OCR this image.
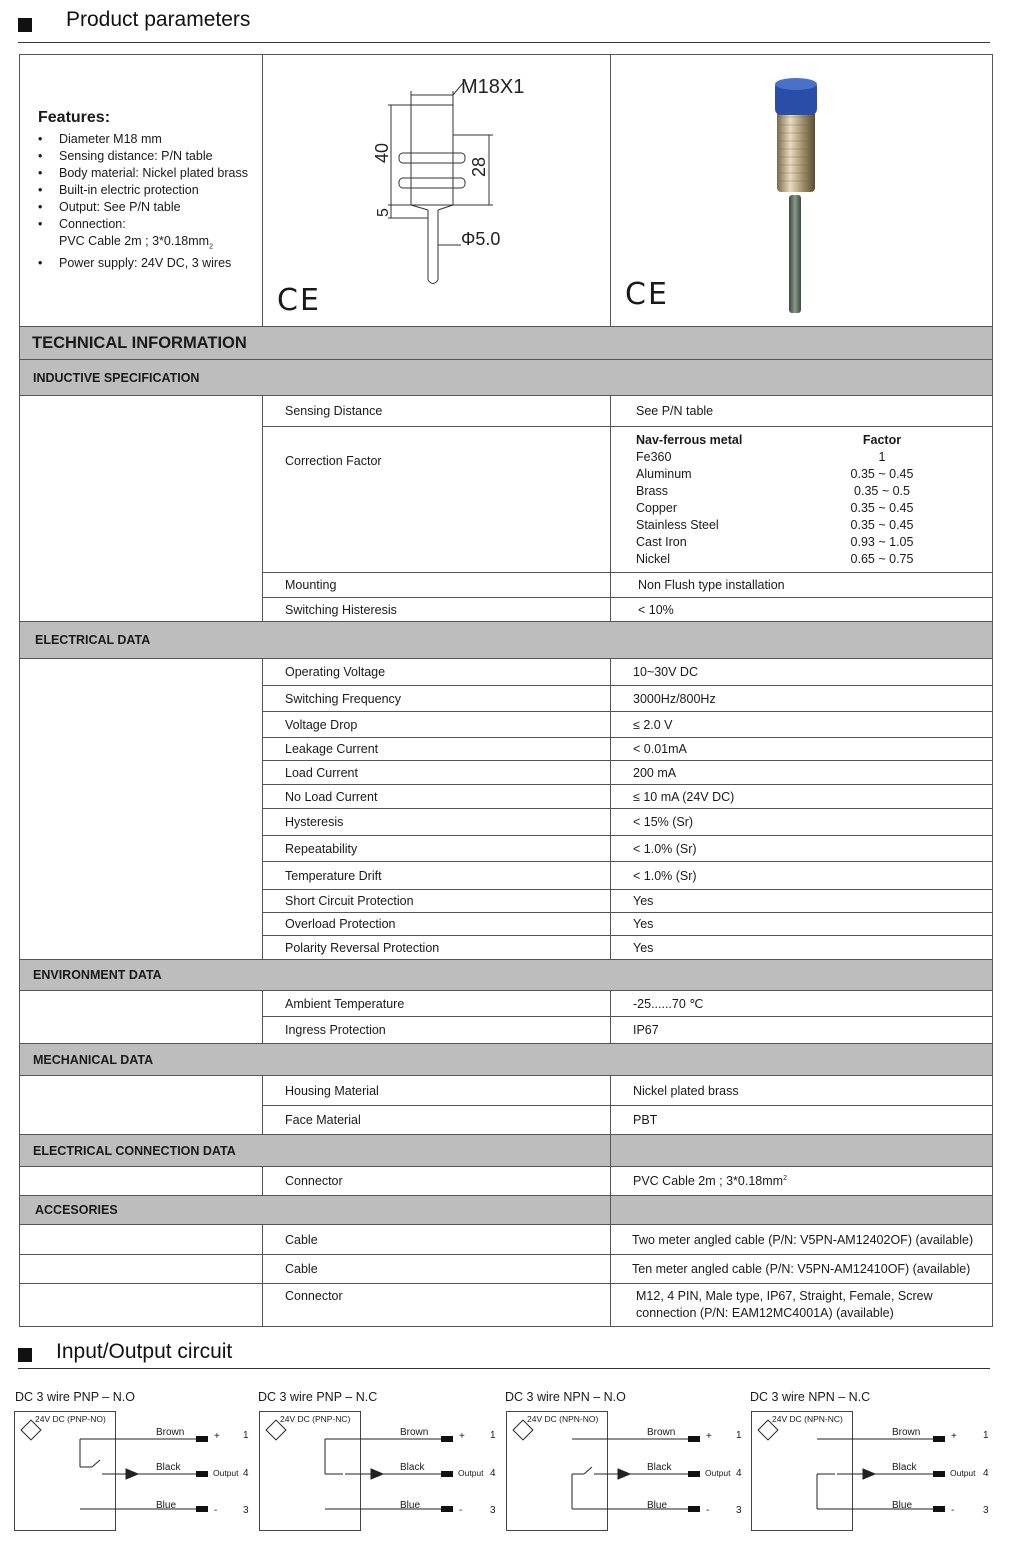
Product parameters
Features:
• Diameter M18 mm
• Sensing distance: P/N table
• Body material: Nickel plated brass
• Built-in electric protection
• Output: See P/N table
• Connection:
PVC Cable 2m ; $3*0.18mm_2$
• Power supply: 24V DC, 3 wires

M18X1
40
28
5
Φ5.0
CE	CE

TECHNICAL INFORMATION
INDUCTIVE SPECIFICATION
	Sensing Distance	See P/N table
Correction Factor	
Nav-ferrous metal	Factor
Fe360	1
Aluminum	0.35 ~ 0.45
Brass	0.35 ~ 0.5
Copper	0.35 ~ 0.45
Stainless Steel	0.35 ~ 0.45
Cast Iron	0.93 ~ 1.05
Nickel	0.65 ~ 0.75

Mounting	Non Flush type installation
Switching Histeresis	< 10%
ELECTRICAL DATA
	Operating Voltage	10~30V DC
Switching Frequency	3000Hz/800Hz
Voltage Drop	≤ 2.0 V
Leakage Current	< 0.01mA
Load Current	200 mA
No Load Current	≤ 10 mA (24V DC)
Hysteresis	< 15% (Sr)
Repeatability	< 1.0% (Sr)
Temperature Drift	< 1.0% (Sr)
Short Circuit Protection	Yes
Overload Protection	Yes
Polarity Reversal Protection	Yes
ENVIRONMENT DATA
	Ambient Temperature	-25......70 ℃
Ingress Protection	IP67
MECHANICAL DATA
	Housing Material	Nickel plated brass
Face Material	PBT
ELECTRICAL CONNECTION DATA	
	Connector	PVC Cable 2m ; $3*0.18mm^2$
ACCESORIES	
	Cable	Two meter angled cable (P/N: V5PN-AM12402OF) (available)
	Cable	Ten meter angled cable (P/N: V5PN-AM12410OF) (available)
	Connector	M12, 4 PIN, Male type, IP67, Straight, Female, Screw connection (P/N: EAM12MC4001A) (available)
Input/Output circuit
DC 3 wire PNP – N.O
24V DC (PNP-NO)
DC 3 wire PNP – N.C
24V DC (PNP-NC)
DC 3 wire NPN – N.O
24V DC (NPN-NO)
DC 3 wire NPN – N.C
24V DC (NPN-NC)
Brown
Black
Blue
+
-
Output
1
4
3
Brown
Black
Blue
+
-
Output
1
4
3
Brown
Black
Blue
+
-
Output
1
4
3
Brown
Black
Blue
+
-
Output
1
4
3
